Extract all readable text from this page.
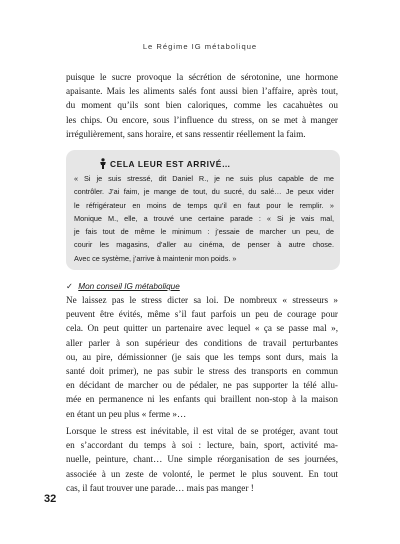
Le Régime IG métabolique
puisque le sucre provoque la sécrétion de sérotonine, une hormone
apaisante. Mais les aliments salés font aussi bien l’affaire, après tout,
du moment qu’ils sont bien caloriques, comme les cacahuètes ou
les chips. Ou encore, sous l’influence du stress, on se met à manger
irrégulièrement, sans horaire, et sans ressentir réellement la faim.
CELA LEUR EST ARRIVÉ…
« Si je suis stressé, dit Daniel R., je ne suis plus capable de me
contrôler. J’ai faim, je mange de tout, du sucré, du salé… Je peux vider
le réfrigérateur en moins de temps qu’il en faut pour le remplir. »
Monique M., elle, a trouvé une certaine parade : « Si je vais mal,
je fais tout de même le minimum : j’essaie de marcher un peu, de
courir les magasins, d’aller au cinéma, de penser à autre chose.
Avec ce système, j’arrive à maintenir mon poids. »
✓ Mon conseil IG métabolique
Ne laissez pas le stress dicter sa loi. De nombreux « stresseurs »
peuvent être évités, même s’il faut parfois un peu de courage pour
cela. On peut quitter un partenaire avec lequel « ça se passe mal »,
aller parler à son supérieur des conditions de travail perturbantes
ou, au pire, démissionner (je sais que les temps sont durs, mais la
santé doit primer), ne pas subir le stress des transports en commun
en décidant de marcher ou de pédaler, ne pas supporter la télé allu-
mée en permanence ni les enfants qui braillent non-stop à la maison
en étant un peu plus « ferme »…
Lorsque le stress est inévitable, il est vital de se protéger, avant tout
en s’accordant du temps à soi : lecture, bain, sport, activité ma-
nuelle, peinture, chant… Une simple réorganisation de ses journées,
associée à un zeste de volonté, le permet le plus souvent. En tout
cas, il faut trouver une parade… mais pas manger !
32
